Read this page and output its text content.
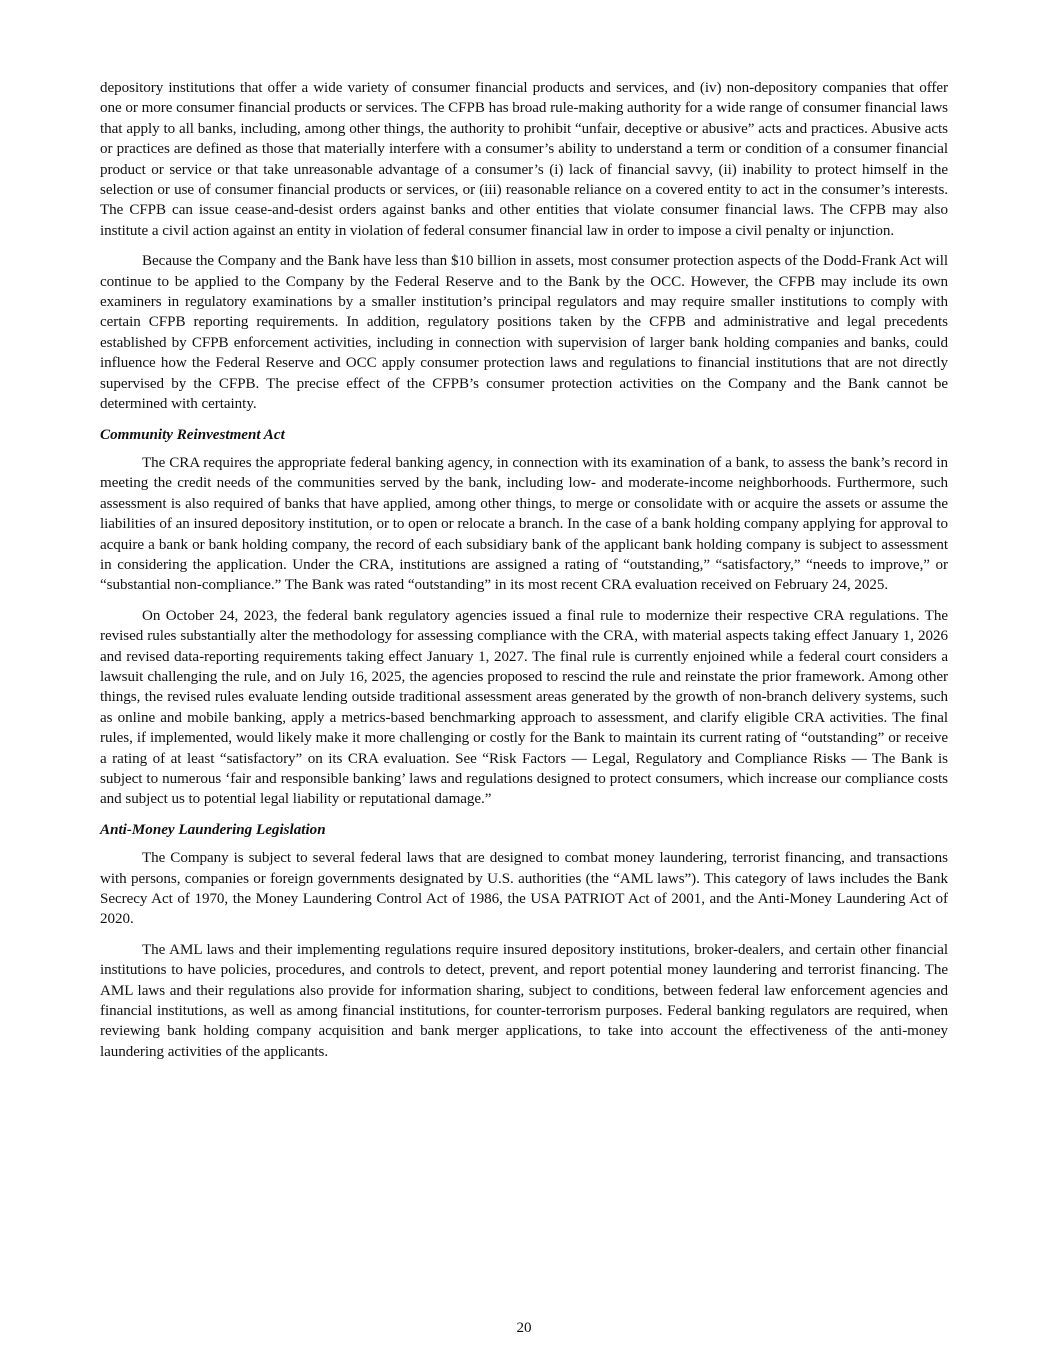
depository institutions that offer a wide variety of consumer financial products and services, and (iv) non-depository companies that offer one or more consumer financial products or services. The CFPB has broad rule-making authority for a wide range of consumer financial laws that apply to all banks, including, among other things, the authority to prohibit “unfair, deceptive or abusive” acts and practices. Abusive acts or practices are defined as those that materially interfere with a consumer’s ability to understand a term or condition of a consumer financial product or service or that take unreasonable advantage of a consumer’s (i) lack of financial savvy, (ii) inability to protect himself in the selection or use of consumer financial products or services, or (iii) reasonable reliance on a covered entity to act in the consumer’s interests. The CFPB can issue cease-and-desist orders against banks and other entities that violate consumer financial laws. The CFPB may also institute a civil action against an entity in violation of federal consumer financial law in order to impose a civil penalty or injunction.

Because the Company and the Bank have less than $10 billion in assets, most consumer protection aspects of the Dodd-Frank Act will continue to be applied to the Company by the Federal Reserve and to the Bank by the OCC. However, the CFPB may include its own examiners in regulatory examinations by a smaller institution’s principal regulators and may require smaller institutions to comply with certain CFPB reporting requirements. In addition, regulatory positions taken by the CFPB and administrative and legal precedents established by CFPB enforcement activities, including in connection with supervision of larger bank holding companies and banks, could influence how the Federal Reserve and OCC apply consumer protection laws and regulations to financial institutions that are not directly supervised by the CFPB. The precise effect of the CFPB’s consumer protection activities on the Company and the Bank cannot be determined with certainty.

Community Reinvestment Act

The CRA requires the appropriate federal banking agency, in connection with its examination of a bank, to assess the bank’s record in meeting the credit needs of the communities served by the bank, including low- and moderate-income neighborhoods. Furthermore, such assessment is also required of banks that have applied, among other things, to merge or consolidate with or acquire the assets or assume the liabilities of an insured depository institution, or to open or relocate a branch. In the case of a bank holding company applying for approval to acquire a bank or bank holding company, the record of each subsidiary bank of the applicant bank holding company is subject to assessment in considering the application. Under the CRA, institutions are assigned a rating of “outstanding,” “satisfactory,” “needs to improve,” or “substantial non-compliance.” The Bank was rated “outstanding” in its most recent CRA evaluation received on February 24, 2025.

On October 24, 2023, the federal bank regulatory agencies issued a final rule to modernize their respective CRA regulations. The revised rules substantially alter the methodology for assessing compliance with the CRA, with material aspects taking effect January 1, 2026 and revised data-reporting requirements taking effect January 1, 2027. The final rule is currently enjoined while a federal court considers a lawsuit challenging the rule, and on July 16, 2025, the agencies proposed to rescind the rule and reinstate the prior framework. Among other things, the revised rules evaluate lending outside traditional assessment areas generated by the growth of non-branch delivery systems, such as online and mobile banking, apply a metrics-based benchmarking approach to assessment, and clarify eligible CRA activities. The final rules, if implemented, would likely make it more challenging or costly for the Bank to maintain its current rating of “outstanding” or receive a rating of at least “satisfactory” on its CRA evaluation. See “Risk Factors — Legal, Regulatory and Compliance Risks — The Bank is subject to numerous ‘fair and responsible banking’ laws and regulations designed to protect consumers, which increase our compliance costs and subject us to potential legal liability or reputational damage.”

Anti-Money Laundering Legislation

The Company is subject to several federal laws that are designed to combat money laundering, terrorist financing, and transactions with persons, companies or foreign governments designated by U.S. authorities (the “AML laws”). This category of laws includes the Bank Secrecy Act of 1970, the Money Laundering Control Act of 1986, the USA PATRIOT Act of 2001, and the Anti-Money Laundering Act of 2020.

The AML laws and their implementing regulations require insured depository institutions, broker-dealers, and certain other financial institutions to have policies, procedures, and controls to detect, prevent, and report potential money laundering and terrorist financing. The AML laws and their regulations also provide for information sharing, subject to conditions, between federal law enforcement agencies and financial institutions, as well as among financial institutions, for counter-terrorism purposes. Federal banking regulators are required, when reviewing bank holding company acquisition and bank merger applications, to take into account the effectiveness of the anti-money laundering activities of the applicants.

20
